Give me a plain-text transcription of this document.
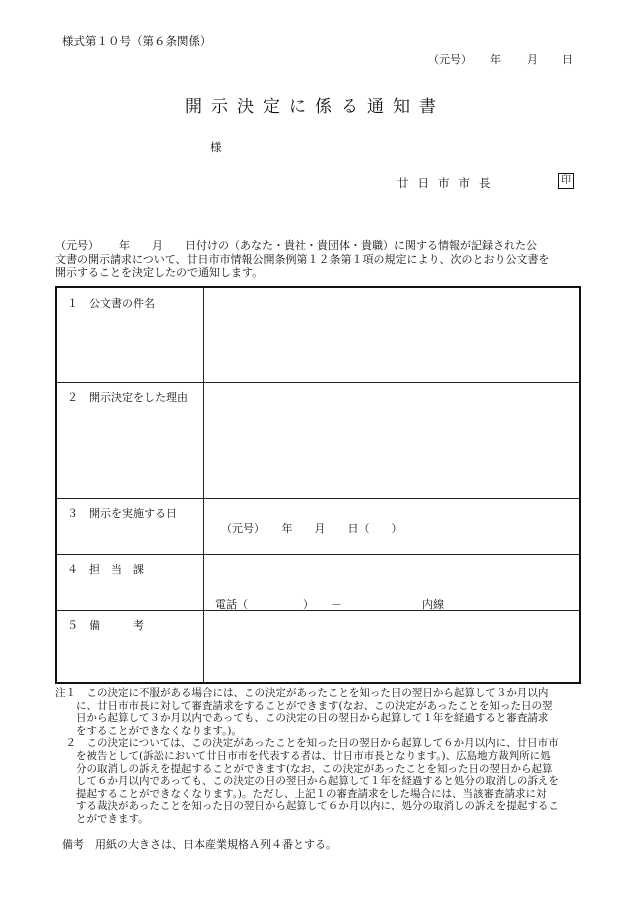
様式第１０号（第６条関係）
（元号） 年 月 日
開示決定に係る通知書
様
廿日市市長	印
（元号）　　 年　　月　　日付けの（あなた・貴社・貴団体・貴職）に関する情報が記録された公
文書の開示請求について、廿日市市情報公開条例第１２条第１項の規定により、次のとおり公文書を
開示することを決定したので通知します。
１　公文書の件名
２　開示決定をした理由
３　開示を実施する日
（元号）　　年　　月　　日（　　）
４　担　当　課
電話（　　　　　） －	内線
５　備　　　考
注１　この決定に不服がある場合には、この決定があったことを知った日の翌日から起算して３か月以内
　　に、廿日市市長に対して審査請求をすることができます(なお、この決定があったことを知った日の翌
　　日から起算して３か月以内であっても、この決定の日の翌日から起算して１年を経過すると審査請求
　　をすることができなくなります。)。
　２　この決定については、この決定があったことを知った日の翌日から起算して６か月以内に、廿日市市
　　を被告として(訴訟において廿日市市を代表する者は、廿日市市長となります。)、広島地方裁判所に処
　　分の取消しの訴えを提起することができます(なお、この決定があったことを知った日の翌日から起算
　　して６か月以内であっても、この決定の日の翌日から起算して１年を経過すると処分の取消しの訴えを
　　提起することができなくなります。)。ただし、上記１の審査請求をした場合には、当該審査請求に対
　　する裁決があったことを知った日の翌日から起算して６か月以内に、処分の取消しの訴えを提起するこ
　　とができます。
備考　用紙の大きさは、日本産業規格Ａ列４番とする。
